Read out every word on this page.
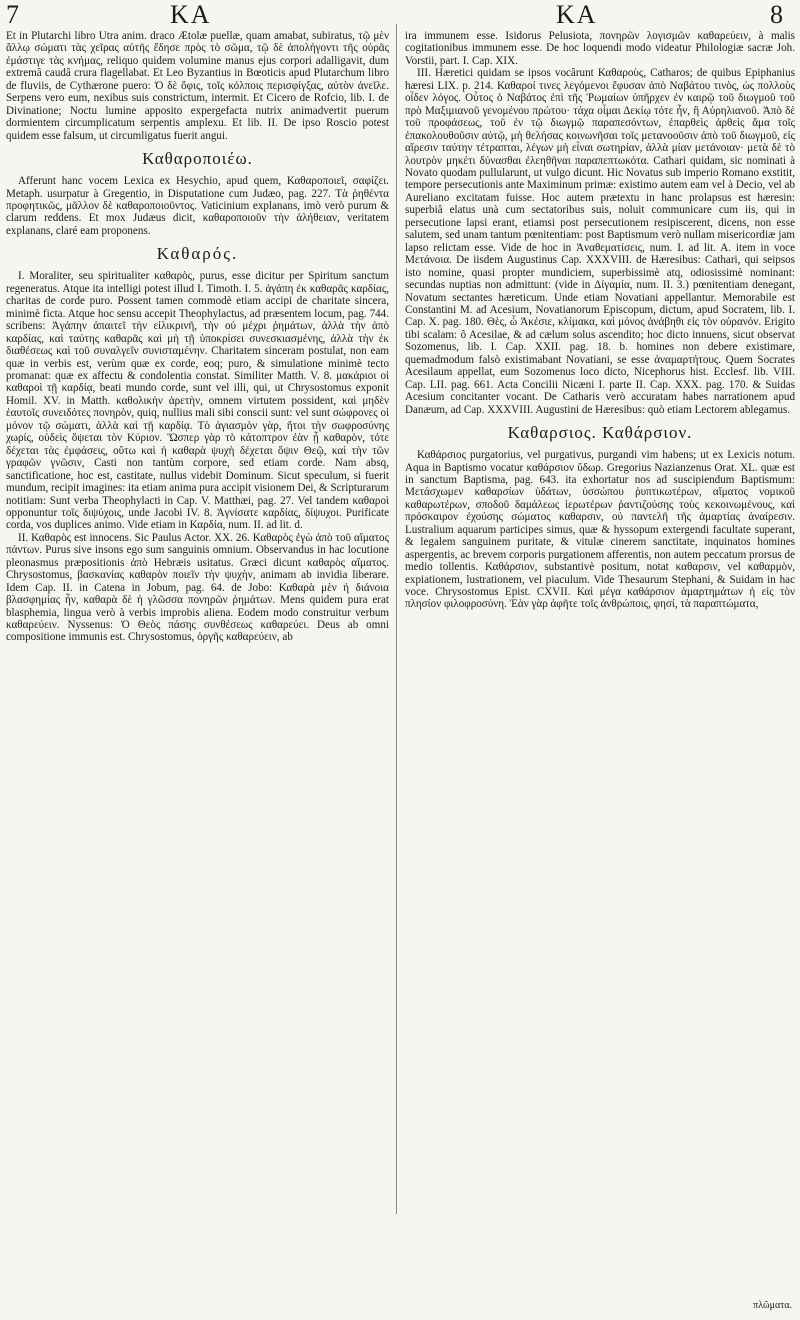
7	KA	KA	8

Et in Plutarchi libro Utra anim. draco Ætolæ puellæ, quam amabat, subiratus, τῷ μὲν ἄλλῳ σώματι τὰς χεῖρας αὐτῆς ἔδησε πρὸς τὸ σῶμα, τῷ δὲ ἀπολήγοντι τῆς οὐρᾶς ἐμάστιγε τὰς κνήμας, reliquo quidem volumine manus ejus corpori adalligavit, dum extremâ caudâ crura flagellabat. Et Leo Byzantius in Bœoticis apud Plutarchum libro de fluviis, de Cythærone puero: Ὁ δὲ ὄφις, τοῖς κόλποις περισφίγξας, αὐτὸν ἀνεῖλε. Serpens vero eum, nexibus suis constrictum, intermit. Et Cicero de Rofcio, lib. I. de Divinatione; Noctu lumine apposito expergefacta nutrix animadvertit puerum dormientem circumplicatum serpentis amplexu. Et lib. II. De ipso Roscio potest quidem esse falsum, ut circumligatus fuerit angui.

Καθαροποιέω.

Afferunt hanc vocem Lexica ex Hesychio, apud quem, Καθαροποιεῖ, σαφίζει. Metaph. usurpatur à Gregentio, in Disputatione cum Judæo, pag. 227. Τὰ ῥηθέντα προφητικῶς, μᾶλλον δὲ καθαροποιοῦντος. Vaticinium explanans, imò verò purum & clarum reddens. Et mox Judæus dicit, καθαροποιοῦν τὴν ἀλήθειαν, veritatem explanans, claré eam proponens.

Καθαρός.

I. Moraliter, seu spiritualiter καθαρὸς, purus, esse dicitur per Spiritum sanctum regeneratus. Atque ita intelligi potest illud I. Timoth. I. 5. ἀγάπη ἐκ καθαρᾶς καρδίας, charitas de corde puro. Possent tamen commodè etiam accipi de charitate sincera, minimè ficta. Atque hoc sensu accepit Theophylactus, ad præsentem locum, pag. 744. scribens: Ἀγάπην ἀπαιτεῖ τὴν εἰλικρινῆ, τὴν οὐ μέχρι ῥημάτων, ἀλλὰ τὴν ἀπὸ καρδίας, καὶ ταύτης καθαρᾶς καὶ μὴ τῇ ὑποκρίσει συνεσκιασμένης, ἀλλὰ τὴν ἐκ διαθέσεως καὶ τοῦ συναλγεῖν συνισταμένην. Charitatem sinceram postulat, non eam quæ in verbis est, verùm quæ ex corde, eoq; puro, & simulatione minimè tecto promanat: quæ ex affectu & condolentia constat. Similiter Matth. V. 8. μακάριοι οἱ καθαροὶ τῇ καρδίᾳ, beati mundo corde, sunt vel illi, qui, ut Chrysostomus exponit Homil. XV. in Matth. καθολικὴν ἀρετὴν, omnem virtutem possident, καὶ μηδὲν ἑαυτοῖς συνειδότες πονηρὸν, quiq, nullius mali sibi conscii sunt: vel sunt σώφρονες οἱ μόνον τῷ σώματι, ἀλλὰ καὶ τῇ καρδίᾳ. Τὸ ἁγιασμὸν γὰρ, ἤτοι τὴν σωφροσύνης χωρίς, οὐδεὶς ὄψεται τὸν Κύριον. Ὥσπερ γὰρ τὸ κάτοπτρον ἐὰν ᾖ καθαρὸν, τότε δέχεται τὰς ἐμφάσεις, οὕτω καὶ ἡ καθαρὰ ψυχὴ δέχεται ὄψιν Θεῷ, καὶ τὴν τῶν γραφῶν γνῶσιν, Casti non tantùm corpore, sed etiam corde. Nam absq, sanctificatione, hoc est, castitate, nullus videbit Dominum. Sicut speculum, si fuerit mundum, recipit imagines: ita etiam anima pura accipit visionem Dei, & Scripturarum notitiam: Sunt verba Theophylacti in Cap. V. Matthæi, pag. 27. Vel tandem καθαροὶ opponuntur τοῖς διψύχοις, unde Jacobi IV. 8. Ἁγνίσατε καρδίας, δίψυχοι. Purificate corda, vos duplices animo. Vide etiam in Καρδία, num. II. ad lit. d.

II. Καθαρὸς est innocens. Sic Paulus Actor. XX. 26. Καθαρὸς ἐγὼ ἀπὸ τοῦ αἵματος πάντων. Purus sive insons ego sum sanguinis omnium. Observandus in hac locutione pleonasmus præpositionis ἀπὸ Hebræis usitatus. Græci dicunt καθαρὸς αἵματος. Chrysostomus, βασκανίας καθαρὸν ποιεῖν τὴν ψυχὴν, animam ab invidia liberare. Idem Cap. II. in Catena in Jobum, pag. 64. de Jobo: Καθαρὰ μὲν ἡ διάνοια βλασφημίας ἦν, καθαρὰ δὲ ἡ γλῶσσα πονηρῶν ῥημάτων. Mens quidem pura erat blasphemia, lingua verò à verbis improbis aliena. Eodem modo construitur verbum καθαρεύειν. Nyssenus: Ὁ Θεὸς πάσης συνθέσεως καθαρεύει. Deus ab omni compositione immunis est. Chrysostomus, ὀργῆς καθαρεύειν, ab

ira immunem esse. Isidorus Pelusiota, πονηρῶν λογισμῶν καθαρεύειν, à malis cogitationibus immunem esse. De hoc loquendi modo videatur Philologiæ sacræ Joh. Vorstii, part. I. Cap. XIX.

III. Hæretici quidam se ipsos vocârunt Καθαροὺς, Catharos; de quibus Epiphanius hæresi LIX. p. 214. Καθαροί τινες λεγόμενοι ἔφυσαν ἀπὸ Ναβάτου τινὸς, ὡς πολλοὺς οἶδεν λόγος. Οὗτος ὁ Ναβάτος ἐπὶ τῆς Ῥωμαίων ὑπῆρχεν ἐν καιρῷ τοῦ διωγμοῦ τοῦ πρὸ Μαξιμιανοῦ γενομένου πρώτου· τάχα οἶμαι Δεκίῳ τότε ἦν, ἢ Αὐρηλιανοῦ. Ἀπὸ δὲ τοῦ προφάσεως, τοῦ ἐν τῷ διωγμῷ παραπεσόντων, ἐπαρθεὶς ἀρθεὶς ἅμα τοῖς ἐπακολουθοῦσιν αὐτῷ, μὴ θελήσας κοινωνῆσαι τοῖς μετανοοῦσιν ἀπὸ τοῦ διωγμοῦ, εἰς αἵρεσιν ταύτην τέτραπται, λέγων μὴ εἶναι σωτηρίαν, ἀλλὰ μίαν μετάνοιαν· μετὰ δὲ τὸ λουτρὸν μηκέτι δύνασθαι ἐλεηθῆναι παραπεπτωκότα. Cathari quidam, sic nominati à Novato quodam pullularunt, ut vulgo dicunt. Hic Novatus sub imperio Romano exstitit, tempore persecutionis ante Maximinum primæ: existimo autem eam vel à Decio, vel ab Aureliano excitatam fuisse. Hoc autem prætextu in hanc prolapsus est hæresin: superbiâ elatus unà cum sectatoribus suis, noluit communicare cum iis, qui in persecutione lapsi erant, etiamsi post persecutionem resipiscerent, dicens, non esse salutem, sed unam tantum pœnitentiam: post Baptismum verò nullam misericordiæ jam lapso relictam esse. Vide de hoc in Ἀναθεματίσεις, num. I. ad lit. A. item in voce Μετάνοια. De iisdem Augustinus Cap. XXXVIII. de Hæresibus: Cathari, qui seipsos isto nomine, quasi propter mundiciem, superbissimè atq, odiosissimè nominant: secundas nuptias non admittunt: (vide in Δίγαμία, num. II. 3.) pœnitentiam denegant, Novatum sectantes hæreticum. Unde etiam Novatiani appellantur. Memorabile est Constantini M. ad Acesium, Novatianorum Episcopum, dictum, apud Socratem, lib. I. Cap. X. pag. 180. Θὲς, ὦ Ἀκέσιε, κλίμακα, καὶ μόνος ἀνάβηθι εἰς τὸν οὐρανόν. Erigito tibi scalam: ô Acesilae, & ad cælum solus ascendito; hoc dicto innuens, sicut observat Sozomenus, lib. I. Cap. XXII. pag. 18. b. homines non debere existimare, quemadmodum falsò existimabant Novatiani, se esse ἀναμαρτήτους. Quem Socrates Acesilaum appellat, eum Sozomenus loco dicto, Nicephorus hist. Ecclesf. lib. VIII. Cap. LII. pag. 661. Acta Concilii Nicæni I. parte II. Cap. XXX. pag. 170. & Suidas Acesium concitanter vocant. De Catharis verò accuratam habes narrationem apud Danæum, ad Cap. XXXVIII. Augustini de Hæresibus: quò etiam Lectorem ablegamus.

Καθαρσιος. Καθάρσιον.

Καθάρσιος purgatorius, vel purgativus, purgandi vim habens; ut ex Lexicis notum. Aqua in Baptismo vocatur καθάρσιον ὕδωρ. Gregorius Nazianzenus Orat. XL. quæ est in sanctum Baptisma, pag. 643. ita exhortatur nos ad suscipiendum Baptismum: Μετάσχωμεν καθαρσίων ὑδάτων, ὑσσώπου ῥυπτικωτέρων, αἵματος νομικοῦ καθαρωτέρων, σποδοῦ δαμάλεως ἱερωτέρων ῥαντιζούσης τοὺς κεκοινωμένους, καὶ πρόσκαιρον ἐχούσης σώματος καθαρσιν, οὐ παντελῆ τῆς ἁμαρτίας ἀναίρεσιν. Lustralium aquarum participes simus, quæ & hyssopum extergendi facultate superant, & legalem sanguinem puritate, & vitulæ cinerem sanctitate, inquinatos homines aspergentis, ac brevem corporis purgationem afferentis, non autem peccatum prorsus de medio tollentis. Καθάρσιον, substantivè positum, notat καθαρσιν, vel καθαρμὸν, expiationem, lustrationem, vel piaculum. Vide Thesaurum Stephani, & Suidam in hac voce. Chrysostomus Epist. CXVII. Καὶ μέγα καθάρσιον ἁμαρτημάτων ἡ εἰς τὸν πλησίον φιλοφροσύνη. Ἐὰν γὰρ ἀφῆτε τοῖς ἀνθρώποις, φησί, τὰ παραπτώματα,

πλῶματα.
